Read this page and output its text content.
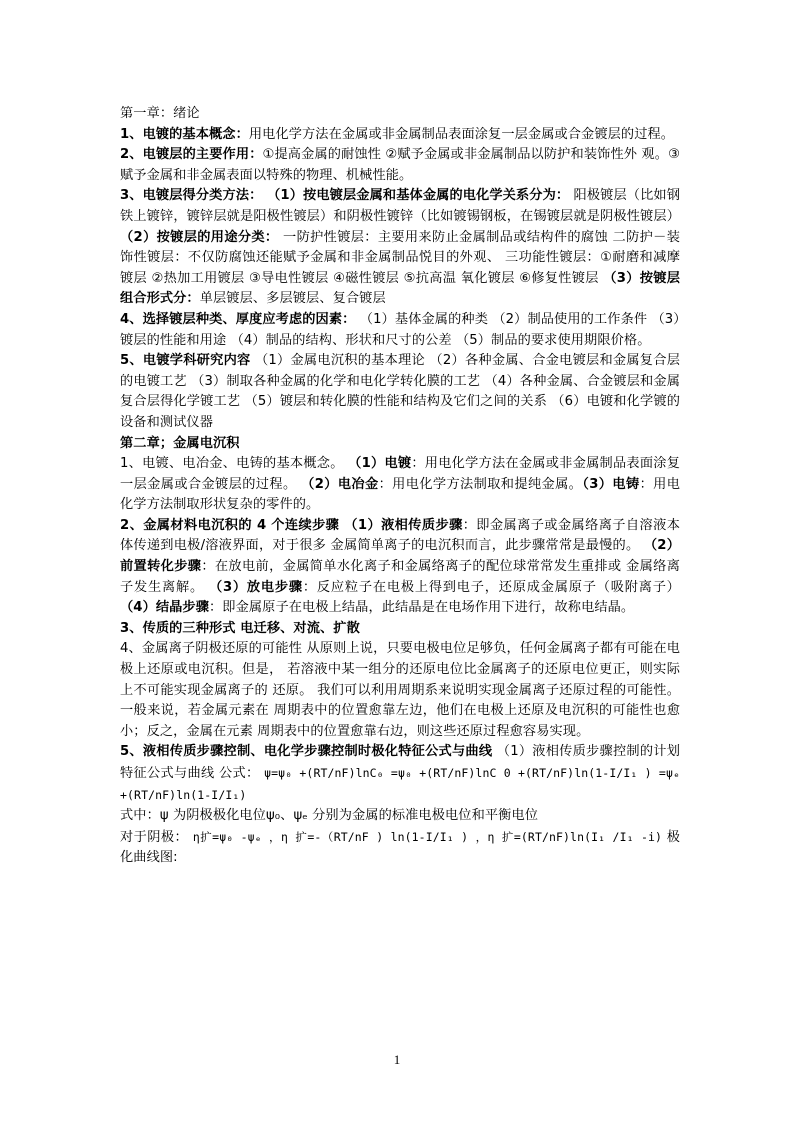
第一章：绪论

1、电镀的基本概念：用电化学方法在金属或非金属制品表面涂复一层金属或合金镀层的过程。

2、电镀层的主要作用：①提高金属的耐蚀性 ②赋予金属或非金属制品以防护和装饰性外 观。③赋予金属和非金属表面以特殊的物理、机械性能。

3、电镀层得分类方法： （1）按电镀层金属和基体金属的电化学关系分为： 阳极镀层（比如钢铁上镀锌，镀锌层就是阳极性镀层）和阴极性镀锌（比如镀锡钢板，在锡镀层就是阴极性镀层） （2）按镀层的用途分类： 一防护性镀层：主要用来防止金属制品或结构件的腐蚀 二防护－装饰性镀层：不仅防腐蚀还能赋予金属和非金属制品悦目的外观、 三功能性镀层：①耐磨和减摩镀层 ②热加工用镀层 ③导电性镀层 ④磁性镀层 ⑤抗高温 氧化镀层 ⑥修复性镀层 （3）按镀层组合形式分：单层镀层、多层镀层、复合镀层

4、选择镀层种类、厚度应考虑的因素： （1）基体金属的种类 （2）制品使用的工作条件 （3）镀层的性能和用途 （4）制品的结构、形状和尺寸的公差 （5）制品的要求使用期限价格。

5、电镀学科研究内容 （1）金属电沉积的基本理论 （2）各种金属、合金电镀层和金属复合层的电镀工艺 （3）制取各种金属的化学和电化学转化膜的工艺 （4）各种金属、合金镀层和金属复合层得化学镀工艺 （5）镀层和转化膜的性能和结构及它们之间的关系 （6）电镀和化学镀的设备和测试仪器

第二章；金属电沉积

1、电镀、电冶金、电铸的基本概念。 （1）电镀：用电化学方法在金属或非金属制品表面涂复一层金属或合金镀层的过程。 （2）电冶金：用电化学方法制取和提纯金属。（3）电铸：用电化学方法制取形状复杂的零件的。

2、金属材料电沉积的 4 个连续步骤 （1）液相传质步骤：即金属离子或金属络离子自溶液本体传递到电极/溶液界面，对于很多 金属简单离子的电沉积而言，此步骤常常是最慢的。 （2）前置转化步骤：在放电前，金属简单水化离子和金属络离子的配位球常常发生重排或 金属络离子发生离解。 （3）放电步骤：反应粒子在电极上得到电子，还原成金属原子（吸附离子） （4）结晶步骤：即金属原子在电极上结晶，此结晶是在电场作用下进行，故称电结晶。

3、传质的三种形式 电迁移、对流、扩散

4、金属离子阴极还原的可能性 从原则上说，只要电极电位足够负，任何金属离子都有可能在电极上还原或电沉积。但是， 若溶液中某一组分的还原电位比金属离子的还原电位更正，则实际上不可能实现金属离子的 还原。 我们可以利用周期系来说明实现金属离子还原过程的可能性。一般来说，若金属元素在 周期表中的位置愈靠左边，他们在电极上还原及电沉积的可能性也愈小；反之，金属在元素 周期表中的位置愈靠右边，则这些还原过程愈容易实现。

5、液相传质步骤控制、电化学步骤控制时极化特征公式与曲线 （1）液相传质步骤控制的计划特征公式与曲线 公式： ψ=ψ₀ +(RT/nF)lnC₀ =ψ₀ +(RT/nF)lnC 0 +(RT/nF)ln(1-I/I₁ ) =ψₑ +(RT/nF)ln(1-I/I₁)

式中：ψ 为阴极极化电位ψ₀、ψₑ 分别为金属的标准电极电位和平衡电位

对于阴极： η扩=ψ₀ -ψₑ ，η 扩=-（RT/nF ) ln(1-I/I₁ ) ，η 扩=(RT/nF)ln(I₁ /I₁ -i) 极化曲线图:

1
